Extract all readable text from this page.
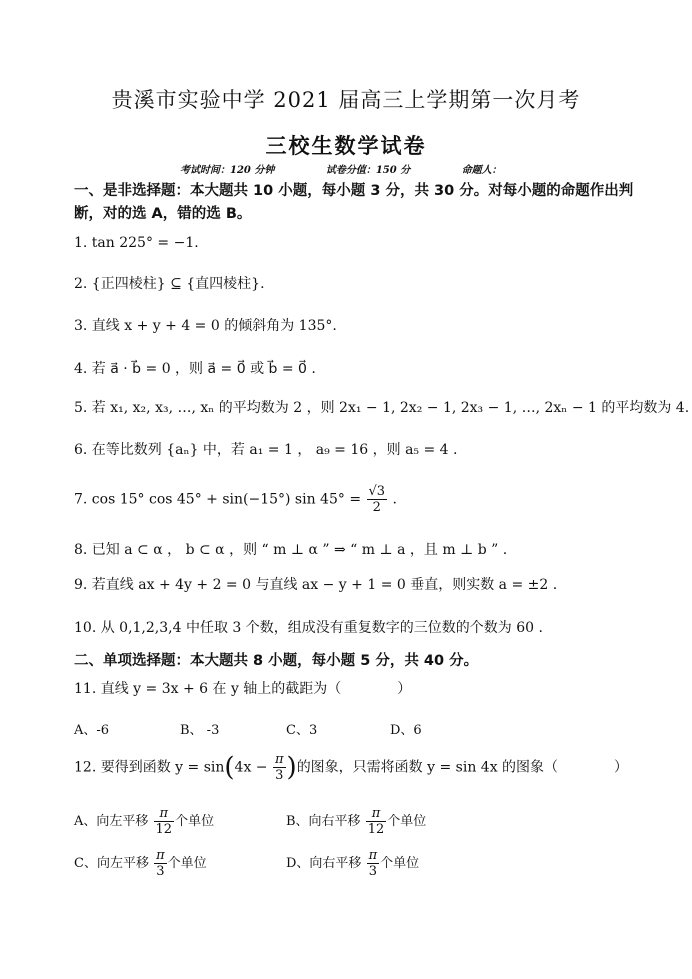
贵溪市实验中学 2021 届高三上学期第一次月考
三校生数学试卷
考试时间：120 分钟	试卷分值：150 分	命题人：
一、是非选择题：本大题共 10 小题，每小题 3 分，共 30 分。对每小题的命题作出判断，对的选 A，错的选 B。
1. tan 225° = −1.
2. {正四棱柱} ⊆ {直四棱柱}.
3. 直线 x + y + 4 = 0 的倾斜角为 135°.
4. 若 a⃗ · b⃗ = 0 ，则 a⃗ = 0⃗ 或 b⃗ = 0⃗ .
5. 若 x₁, x₂, x₃, …, xₙ 的平均数为 2 ，则 2x₁ − 1, 2x₂ − 1, 2x₃ − 1, …, 2xₙ − 1 的平均数为 4.
6. 在等比数列 {aₙ} 中，若 a₁ = 1 ， a₉ = 16 ，则 a₅ = 4 .
7. cos 15° cos 45° + sin(−15°) $\sin 45^\circ = \frac{√3}{2}$ .
8. 已知 a ⊂ α ， b ⊂ α ，则 “ m ⊥ α ” ⇒ “ m ⊥ a ，且 m ⊥ b ” .
9. 若直线 ax + 4y + 2 = 0 与直线 ax − y + 1 = 0 垂直，则实数 a = ±2 .
10. 从 0,1,2,3,4 中任取 3 个数，组成没有重复数字的三位数的个数为 60 .
二、单项选择题：本大题共 8 小题，每小题 5 分，共 40 分。
11. 直线 y = 3x + 6 在 y 轴上的截距为（　　　　）
A、-6	B、 -3	C、3	D、6
12. 要得到函数 $y = \sin(4x - \frac{\pi}{3}$ )的图象，只需将函数 y = sin 4x 的图象（　　　　）
A、向左平移 $\frac{\pi}{12}$ 个单位	B、向右平移 $\frac{\pi}{12}$ 个单位
C、向左平移 $\frac{\pi}{3}$ 个单位	D、向右平移 $\frac{\pi}{3}$ 个单位
